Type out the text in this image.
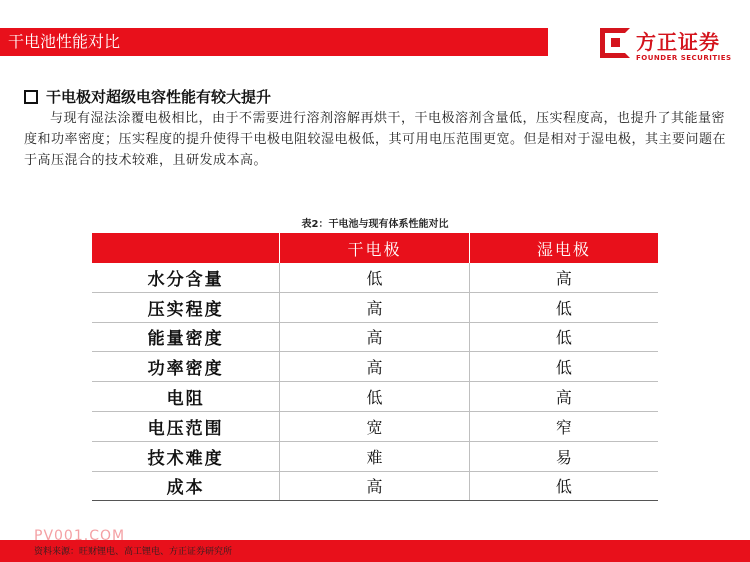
干电池性能对比	方正证券
FOUNDER SECURITIES
干电极对超级电容性能有较大提升
与现有湿法涂覆电极相比，由于不需要进行溶剂溶解再烘干，干电极溶剂含量低，压实程度高，也提升了其能量密度和功率密度；压实程度的提升使得干电极电阻较湿电极低，其可用电压范围更宽。但是相对于湿电极，其主要问题在于高压混合的技术较难，且研发成本高。
表2：干电池与现有体系性能对比
	干电极	湿电极
水分含量	低	高
压实程度	高	低
能量密度	高	低
功率密度	高	低
电阻	低	高
电压范围	宽	窄
技术难度	难	易
成本	高	低
PV001.COM
资料来源：旺财锂电、高工锂电、方正证券研究所
